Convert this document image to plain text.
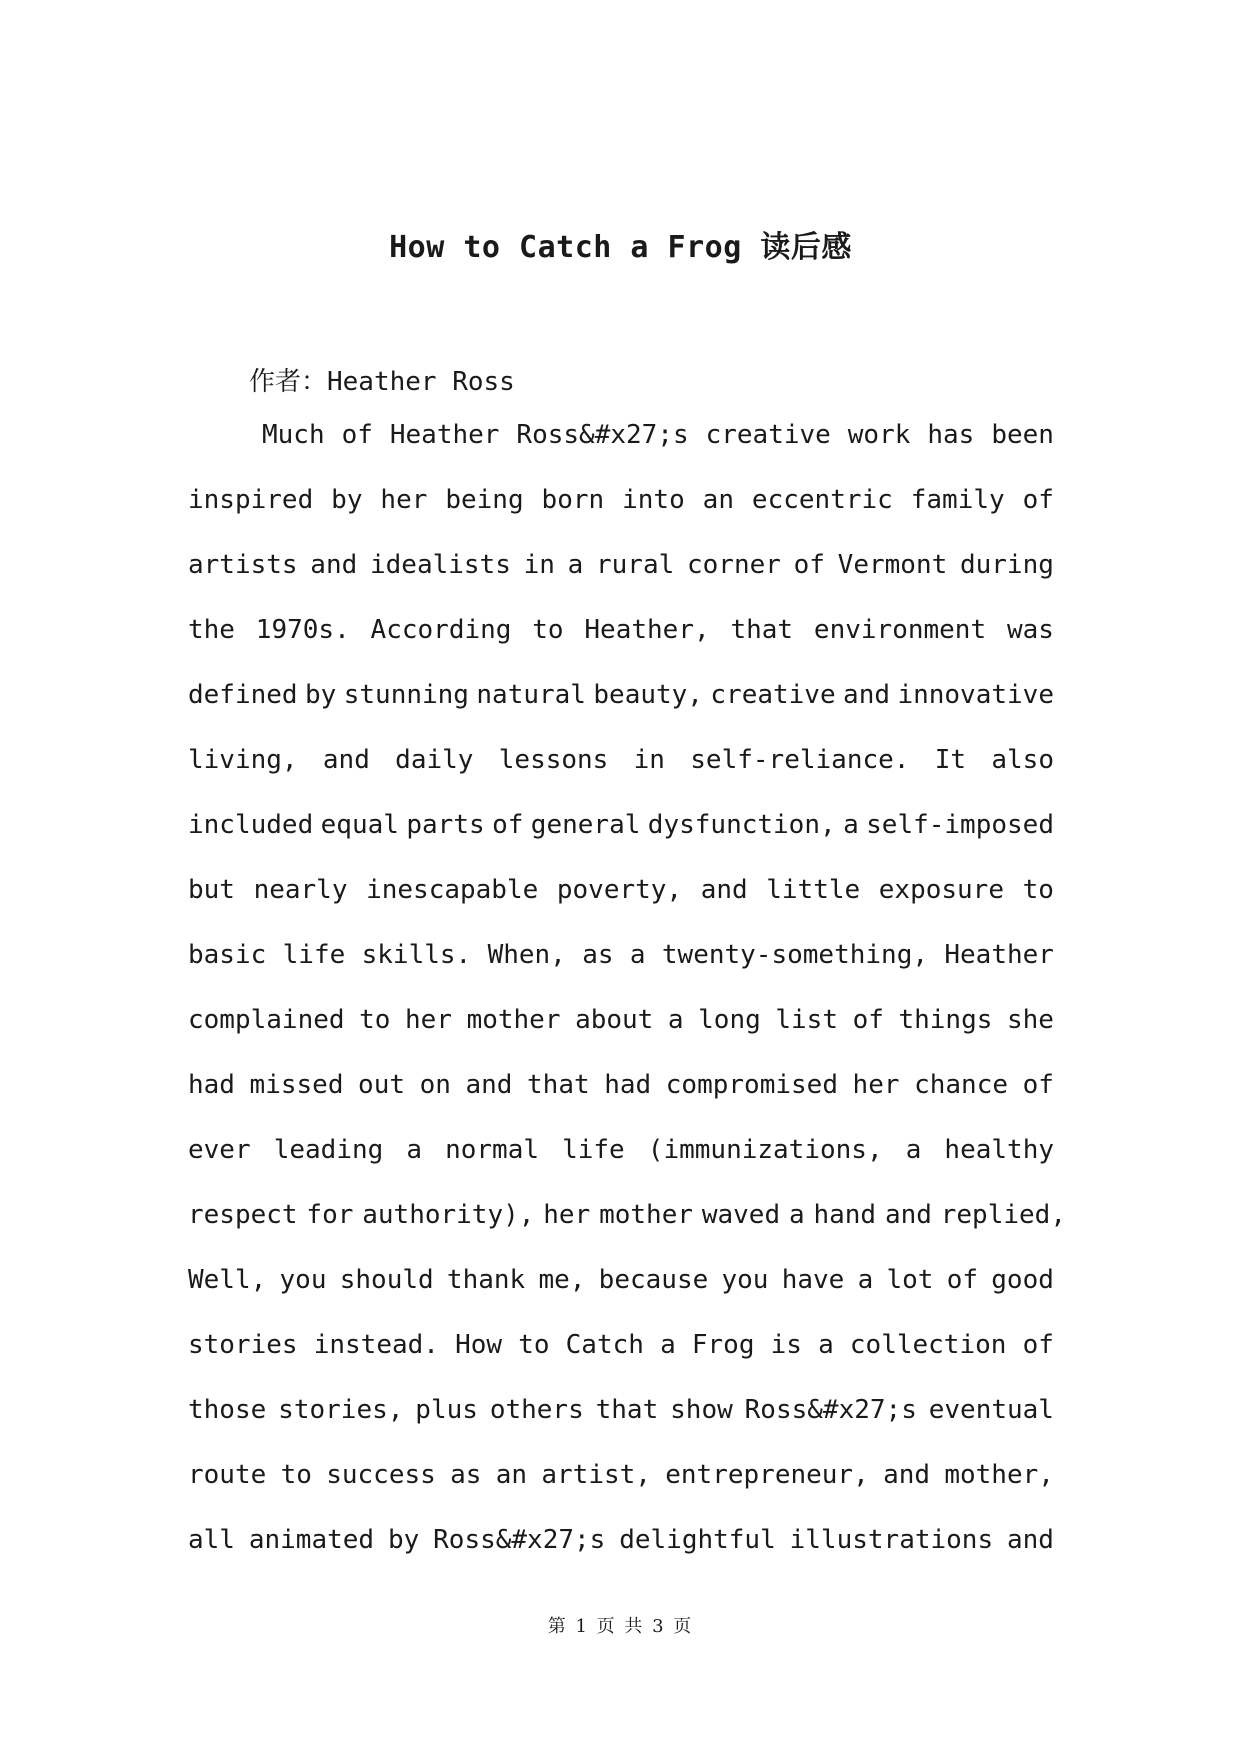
How to Catch a Frog 读后感
作者：Heather Ross
Much of Heather Ross&#x27;s creative work has been
inspired by her being born into an eccentric family of
artists and idealists in a rural corner of Vermont during
the 1970s. According to Heather, that environment was
defined by stunning natural beauty, creative and innovative
living, and daily lessons in self-reliance. It also
included equal parts of general dysfunction, a self-imposed
but nearly inescapable poverty, and little exposure to
basic life skills. When, as a twenty-something, Heather
complained to her mother about a long list of things she
had missed out on and that had compromised her chance of
ever leading a normal life (immunizations, a healthy
respect for authority), her mother waved a hand and replied,
Well, you should thank me, because you have a lot of good
stories instead. How to Catch a Frog is a collection of
those stories, plus others that show Ross&#x27;s eventual
route to success as an artist, entrepreneur, and mother,
all animated by Ross&#x27;s delightful illustrations and
第 1 页 共 3 页
